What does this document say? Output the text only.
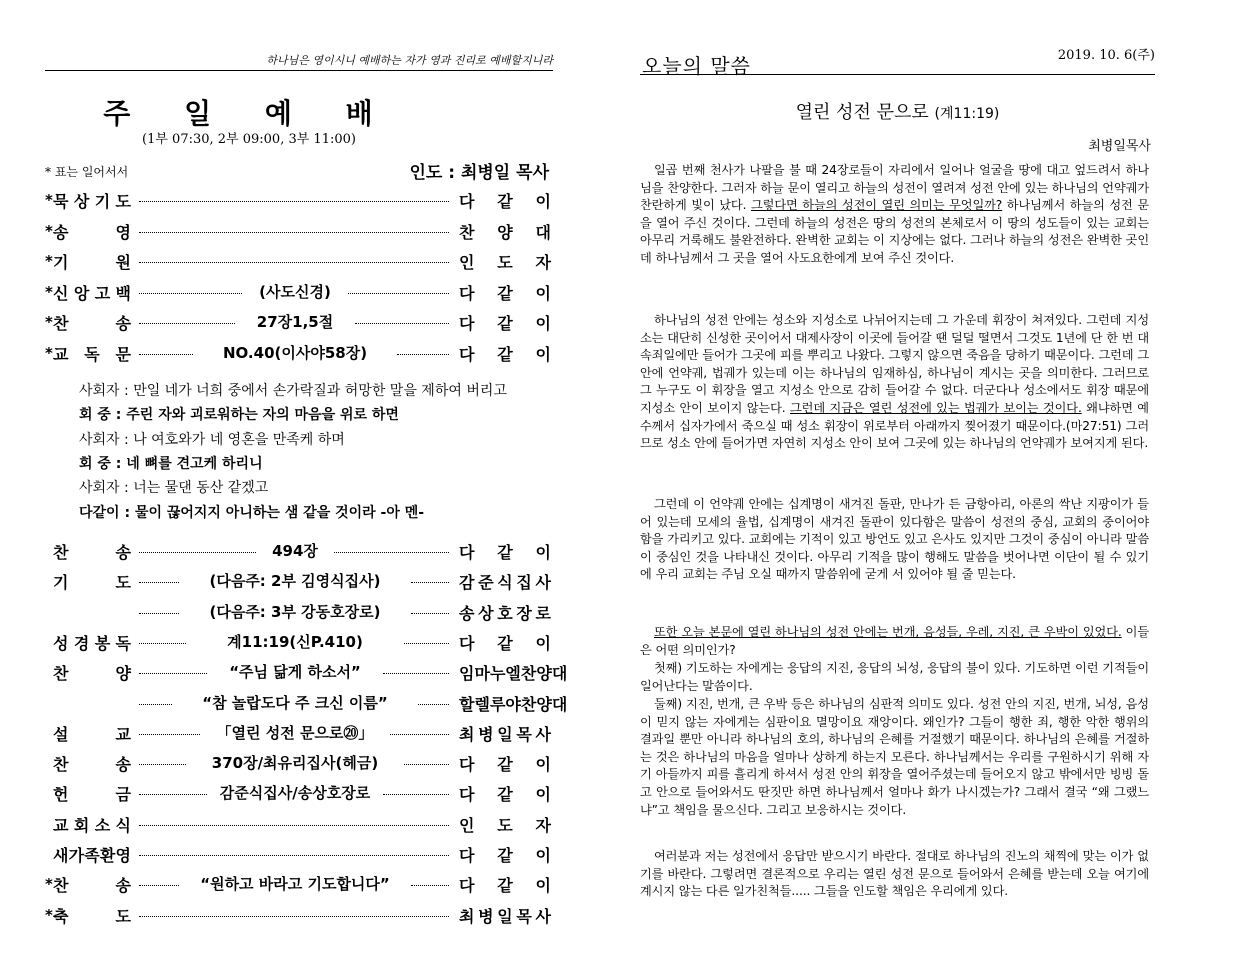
하나님은 영이시니 예배하는 자가 영과 진리로 예배할지니라
주 일 예 배
(1부 07:30, 2부 09:00, 3부 11:00)
* 표는 일어서서	인도 : 최병일 목사
* 묵 상 기 도	다 같 이
* 송	영	찬 양 대
* 기	원	인 도 자
* 신 앙 고 백	(사도신경)	다 같 이
* 찬	송	27장1,5절	다 같 이
* 교 독 문	NO.40(이사야58장)	다 같 이
사회자 : 만일 네가 너희 중에서 손가락질과 허망한 말을 제하여 버리고
회 중 : 주린 자와 괴로워하는 자의 마음을 위로 하면
사회자 : 나 여호와가 네 영혼을 만족케 하며
회 중 : 네 뼈를 견고케 하리니
사회자 : 너는 물댄 동산 같겠고
다같이 : 물이 끊어지지 아니하는 샘 같을 것이라 -아 멘-
찬	송	494장	다 같 이
기	도	(다음주: 2부 김영식집사)	감 준 식 집 사
(다음주: 3부 강동호장로)	송 상 호 장 로
성 경 봉 독	계11:19(신P.410)	다 같 이
찬	양	“주님 닮게 하소서”	임 마 누 엘 찬 양 대
“참 놀랍도다 주 크신 이름”	할 렐 루 야 찬 양 대
설	교	「열린 성전 문으로⑳」	최 병 일 목 사
찬	송	370장/최유리집사(헤금)	다 같 이
헌	금	감준식집사/송상호장로	다 같 이
교 회 소 식	인 도 자
새 가 족 환 영	다 같 이
* 찬	송	“원하고 바라고 기도합니다”	다 같 이
* 축	도	최 병 일 목 사
오늘의 말씀	2019. 10. 6(주)
열린 성전 문으로 (계11:19)
최병일목사
일곱 번째 천사가 나팔을 불 때 24장로들이 자리에서 일어나 얼굴을 땅에 대고 엎드려서 하나님을 찬양한다. 그러자 하늘 문이 열리고 하늘의 성전이 열려져 성전 안에 있는 하나님의 언약궤가 찬란하게 빛이 났다. 그렇다면 하늘의 성전이 열린 의미는 무엇일까? 하나님께서 하늘의 성전 문을 열어 주신 것이다. 그런데 하늘의 성전은 땅의 성전의 본체로서 이 땅의 성도들이 있는 교회는 아무리 거룩해도 불완전하다. 완벽한 교회는 이 지상에는 없다. 그러나 하늘의 성전은 완벽한 곳인데 하나님께서 그 곳을 열어 사도요한에게 보여 주신 것이다.
하나님의 성전 안에는 성소와 지성소로 나뉘어지는데 그 가운데 휘장이 쳐져있다. 그런데 지성소는 대단히 신성한 곳이어서 대제사장이 이곳에 들어갈 땐 덜덜 떨면서 그것도 1년에 단 한 번 대속죄일에만 들어가 그곳에 피를 뿌리고 나왔다. 그렇지 않으면 죽음을 당하기 때문이다. 그런데 그 안에 언약궤, 법궤가 있는데 이는 하나님의 임재하심, 하나님이 계시는 곳을 의미한다. 그러므로 그 누구도 이 휘장을 열고 지성소 안으로 감히 들어갈 수 없다. 더군다나 성소에서도 휘장 때문에 지성소 안이 보이지 않는다. 그런데 지금은 열린 성전에 있는 법궤가 보이는 것이다. 왜냐하면 예수께서 십자가에서 죽으실 때 성소 휘장이 위로부터 아래까지 찢어졌기 때문이다.(마27:51) 그러므로 성소 안에 들어가면 자연히 지성소 안이 보여 그곳에 있는 하나님의 언약궤가 보여지게 된다.
그런데 이 언약궤 안에는 십계명이 새겨진 돌판, 만나가 든 금항아리, 아론의 싹난 지팡이가 들어 있는데 모세의 율법, 십계명이 새겨진 돌판이 있다함은 말씀이 성전의 중심, 교회의 중이어야 함을 가리키고 있다. 교회에는 기적이 있고 방언도 있고 은사도 있지만 그것이 중심이 아니라 말씀이 중심인 것을 나타내신 것이다. 아무리 기적을 많이 행해도 말씀을 벗어나면 이단이 될 수 있기에 우리 교회는 주님 오실 때까지 말씀위에 굳게 서 있어야 될 줄 믿는다.
또한 오늘 본문에 열린 하나님의 성전 안에는 번개, 음성들, 우레, 지진, 큰 우박이 있었다. 이들은 어떤 의미인가?
첫째) 기도하는 자에게는 응답의 지진, 응답의 뇌성, 응답의 불이 있다. 기도하면 이런 기적들이 일어난다는 말씀이다.
둘째) 지진, 번개, 큰 우박 등은 하나님의 심판적 의미도 있다. 성전 안의 지진, 번개, 뇌성, 음성이 믿지 않는 자에게는 심판이요 멸망이요 재앙이다. 왜인가? 그들이 행한 죄, 행한 악한 행위의 결과일 뿐만 아니라 하나님의 호의, 하나님의 은혜를 거절했기 때문이다. 하나님의 은혜를 거절하는 것은 하나님의 마음을 얼마나 상하게 하는지 모른다. 하나님께서는 우리를 구원하시기 위해 자기 아들까지 피를 흘리게 하셔서 성전 안의 휘장을 열어주셨는데 들어오지 않고 밖에서만 빙빙 돌고 안으로 들어와서도 딴짓만 하면 하나님께서 얼마나 화가 나시겠는가? 그래서 결국 “왜 그랬느냐”고 책임을 물으신다. 그리고 보응하시는 것이다.
여러분과 저는 성전에서 응답만 받으시기 바란다. 절대로 하나님의 진노의 채찍에 맞는 이가 없기를 바란다. 그렇려면 결론적으로 우리는 열린 성전 문으로 들어와서 은혜를 받는데 오늘 여기에 계시지 않는 다른 일가친척들..... 그들을 인도할 책임은 우리에게 있다.
